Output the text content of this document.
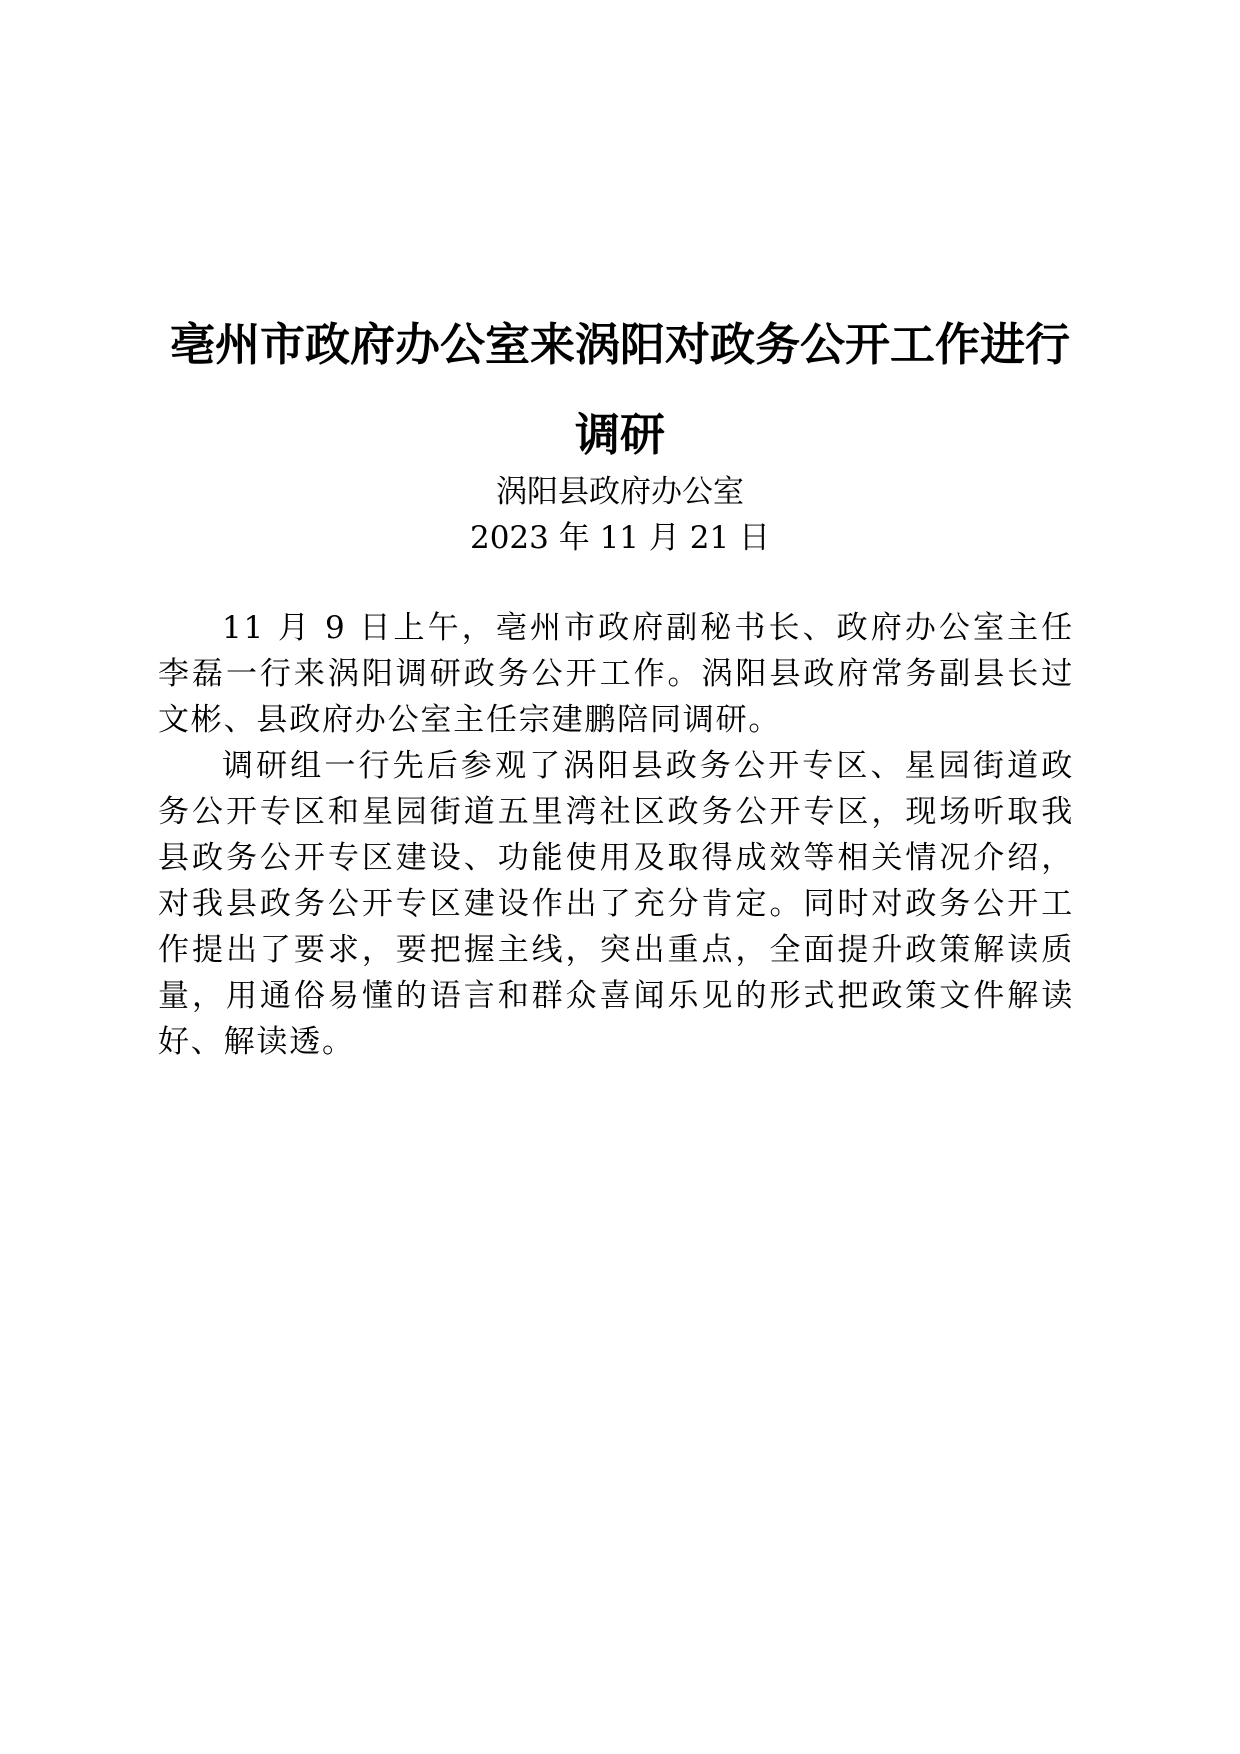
亳州市政府办公室来涡阳对政务公开工作进行
调研
涡阳县政府办公室
2023 年 11 月 21 日

11 月 9 日上午，亳州市政府副秘书长、政府办公室主任李磊一行来涡阳调研政务公开工作。涡阳县政府常务副县长过文彬、县政府办公室主任宗建鹏陪同调研。

调研组一行先后参观了涡阳县政务公开专区、星园街道政务公开专区和星园街道五里湾社区政务公开专区，现场听取我县政务公开专区建设、功能使用及取得成效等相关情况介绍，对我县政务公开专区建设作出了充分肯定。同时对政务公开工作提出了要求，要把握主线，突出重点，全面提升政策解读质量，用通俗易懂的语言和群众喜闻乐见的形式把政策文件解读好、解读透。
